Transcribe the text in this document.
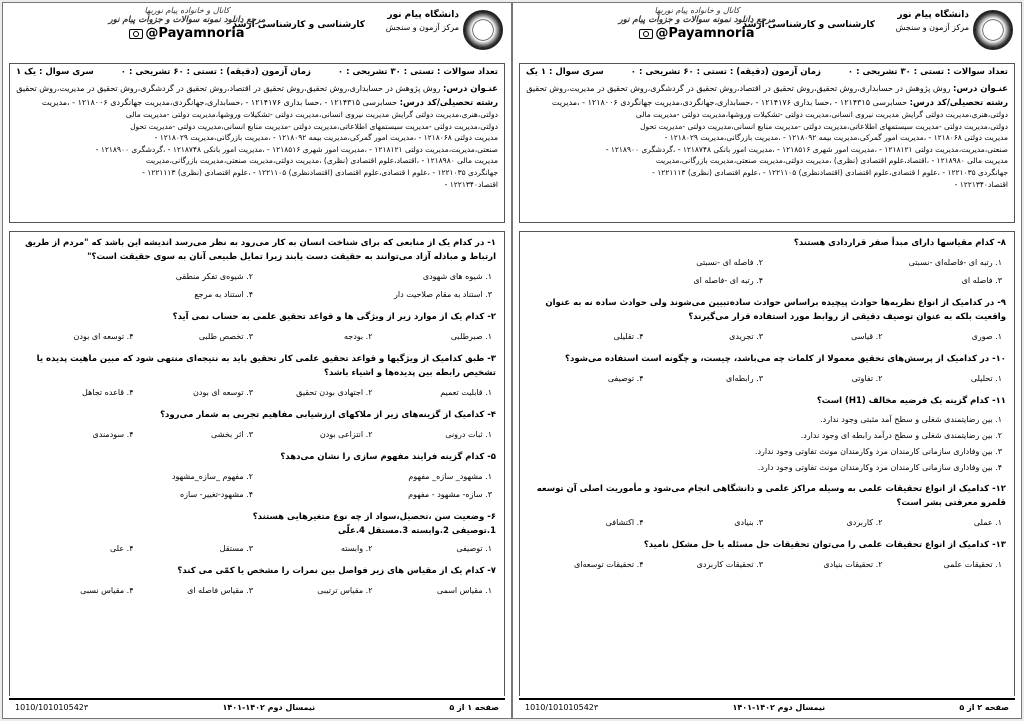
دانشگاه پیام نور
مرکز آزمون و سنجش
کارشناسی و کارشناسی ارشد
کانال و خانواده پیام نوریها
مرجع دانلود نمونه سوالات و جزوات پیام نور
@Payamnoria
تعداد سوالات : تستی : ۳۰ تشریحی : ۰
زمان آزمون (دقیقه) : تستی : ۶۰ تشریحی : ۰
سری سوال : یک ۱
عنـوان درس: روش پژوهش در حسابداری،روش تحقیق،روش تحقیق در اقتصاد،روش تحقیق در گردشگری،روش تحقیق در مدیریت،روش تحقیق
رشته تحصیلی/کد درس: حسابرسی ۱۲۱۴۳۱۵ - ،حسا بداری ۱۲۱۴۱۷۶ - ،حسابداری،جهانگردی،مدیریت جهانگردی ۱۲۱۸۰۰۶ - ،مدیریت
دولتی،هنری،مدیریت دولتی گرایش مدیریت نیروی انسانی،مدیریت دولتی -تشکیلات وروشها،مدیریت دولتی -مدیریت مالی
دولتی،مدیریت دولتی -مدیریت سیستمهای اطلاعاتی،مدیریت دولتی -مدیریت منابع انسانی،مدیریت دولتی -مدیریت تحول
مدیریت دولتی ۱۲۱۸۰۶۸ - ،مدیریت امور گمرکی،مدیریت بیمه ۱۲۱۸۰۹۲ - ،مدیریت بازرگانی،مدیریت ۱۲۱۸۰۲۹ -
صنعتی،مدیریت،مدیریت دولتی ۱۲۱۸۱۲۱ - ،مدیریت امور شهری ۱۲۱۸۵۱۶ - ،مدیریت امور بانکی ۱۲۱۸۷۴۸ - ،گردشگری ۱۲۱۸۹۰۰ -
مدیریت مالی ۱۲۱۸۹۸۰ - ،اقتصاد،علوم اقتصادی (نظری) ،مدیریت دولتی،مدیریت صنعتی،مدیریت بازرگانی،مدیریت
جهانگردی ۱۲۲۱۰۳۵ - ،علوم ا قتصادی،علوم اقتصادی (اقتصادنظری) ۱۲۲۱۱۰۵ - ،علوم اقتصادی (نظری) ۱۲۲۱۱۱۳ -
اقتصاد۱۲۲۱۳۴۰ -
۱- در کدام یک از منابعی که برای شناخت انسان به کار می‌رود به نظر می‌رسد اندیشه این باشد که "مردم از طریق ارتباط و مبادله آزاد می‌توانند به حقیقت دست یابند زیرا تمایل طبیعی آنان به سوی حقیقت است؟"
۱. شیوه های شهودی
۲. شیوه‌ی تفکر منطقی
۳. استناد به مقام صلاحیت دار
۴. استناد به مرجع
۲- کدام یک از موارد زیر از ویژگی ها و قواعد تحقیق علمی به حساب نمی آید؟
۱. صبرطلبی
۲. بودجه
۳. تخصص طلبی
۴. توسعه ای بودن
۳- طبق کدامیک از ویژگیها و قواعد تحقیق علمی کار تحقیق باید به نتیجه‌ای منتهی شود که مبین ماهیت پدیده یا تشخیص رابطه بین پدیده‌ها و اشیاء باشد؟
۱. قابلیت تعمیم
۲. اجتهادی بودن تحقیق
۳. توسعه ای بودن
۴. قاعده تجاهل
۴- کدامیک از گزینه‌های زیر از ملاکهای ارزشیابی مفاهیم تجربی به شمار می‌رود؟
۱. ثبات درونی
۲. انتزاعی بودن
۳. اثر بخشی
۴. سودمندی
۵- کدام گزینه فرایند مفهوم سازی را نشان می‌دهد؟
۱. مشهود_ سازه_ مفهوم
۲. مفهوم _سازه_مشهود
۳. سازه- مشهود - مفهوم
۴. مشهود-تغییر- سازه
۶- وضعیت سن ،تحصیل،سواد از چه نوع متغیرهایی هستند؟
1.توصیفی 2.وابسته 3.مستقل 4.علّی
۱. توصیفی
۲. وابسته
۳. مستقل
۴. علی
۷- کدام یک از مقیاس های زیر فواصل بین نمرات را مشخص یا کمّی می کند؟
۱. مقیاس اسمی
۲. مقیاس ترتیبی
۳. مقیاس فاصله ای
۴. مقیاس نسبی
صفحه ۱ از ۵
نیمسال دوم ۱۴۰۲-۱۴۰۱
1010/101010542۳
دانشگاه پیام نور
مرکز آزمون و سنجش
کارشناسی و کارشناسی ارشد
کانال و خانواده پیام نوریها
مرجع دانلود نمونه سوالات و جزوات پیام نور
@Payamnoria
تعداد سوالات : تستی : ۳۰ تشریحی : ۰
زمان آزمون (دقیقه) : تستی : ۶۰ تشریحی : ۰
سری سوال : ۱ یک
عنـوان درس: روش پژوهش در حسابداری،روش تحقیق،روش تحقیق در اقتصاد،روش تحقیق در گردشگری،روش تحقیق در مدیریت،روش تحقیق
رشته تحصیلی/کد درس: حسابرسی ۱۲۱۴۳۱۵ - ،حسا بداری ۱۲۱۴۱۷۶ - ،حسابداری،جهانگردی،مدیریت جهانگردی ۱۲۱۸۰۰۶ - ،مدیریت
دولتی،هنری،مدیریت دولتی گرایش مدیریت نیروی انسانی،مدیریت دولتی -تشکیلات وروشها،مدیریت دولتی -مدیریت مالی
دولتی،مدیریت دولتی -مدیریت سیستمهای اطلاعاتی،مدیریت دولتی -مدیریت منابع انسانی،مدیریت دولتی -مدیریت تحول
مدیریت دولتی ۱۲۱۸۰۶۸ - ،مدیریت امور گمرکی،مدیریت بیمه ۱۲۱۸۰۹۲ - ،مدیریت بازرگانی،مدیریت ۱۲۱۸۰۲۹ -
صنعتی،مدیریت،مدیریت دولتی ۱۲۱۸۱۲۱ - ،مدیریت امور شهری ۱۲۱۸۵۱۶ - ،مدیریت امور بانکی ۱۲۱۸۷۴۸ - ،گردشگری ۱۲۱۸۹۰۰ -
مدیریت مالی ۱۲۱۸۹۸۰ - ،اقتصاد،علوم اقتصادی (نظری) ،مدیریت دولتی،مدیریت صنعتی،مدیریت بازرگانی،مدیریت
جهانگردی ۱۲۲۱۰۳۵ - ،علوم ا قتصادی،علوم اقتصادی (اقتصادنظری) ۱۲۲۱۱۰۵ - ،علوم اقتصادی (نظری) ۱۲۲۱۱۱۳ -
اقتصاد۱۲۲۱۳۴۰ -
۸- کدام مقیاسها دارای مبدأ صفر قراردادی هستند؟
۱. رتبه ای -فاصله‌ای -نسبتی
۲. فاصله ای -نسبتی
۳. فاصله ای
۴. رتبه ای -فاصله ای
۹- در کدامیک از انواع نظریه‌ها حوادث پیچیده براساس حوادث ساده‌تبیین می‌شوند ولی حوادث ساده نه به عنوان واقعیت بلکه به عنوان توصیف دقیقی از روابط مورد استفاده قرار می‌گیرند؟
۱. صوری
۲. قیاسی
۳. تجریدی
۴. تقلیلی
۱۰- در کدامیک از پرسش‌های تحقیق معمولا از کلمات چه می‌باشد، چیست، و چگونه است استفاده می‌شود؟
۱. تحلیلی
۲. تفاوتی
۳. رابطه‌ای
۴. توصیفی
۱۱- کدام گزینه یک فرضیه مخالف (H1) است؟
۱. بین رضایتمندی شغلی و سطح آمد مثبتی وجود ندارد.
۲. بین رضایتمندی شغلی و سطح درآمد رابطه ای وجود ندارد.
۳. بین وفاداری سازمانی کارمندان مرد وکارمندان مونث تفاوتی وجود ندارد.
۴. بین وفاداری سازمانی کارمندان مرد وکارمندان مونث تفاوتی وجود دارد.
۱۲- کدامیک از انواع تحقیقات علمی به وسیله مراکز علمی و دانشگاهی انجام می‌شود و مأموریت اصلی آن توسعه قلمرو معرفتی بشر است؟
۱. عملی
۲. کاربردی
۳. بنیادی
۴. اکتشافی
۱۳- کدامیک از انواع تحقیقات علمی را می‌توان تحقیقات حل مسئله یا حل مشکل نامید؟
۱. تحقیقات علمی
۲. تحقیقات بنیادی
۳. تحقیقات کاربردی
۴. تحقیقات توسعه‌ای
صفحه ۲ از ۵
نیمسال دوم ۱۴۰۲-۱۴۰۱
1010/101010542۳
